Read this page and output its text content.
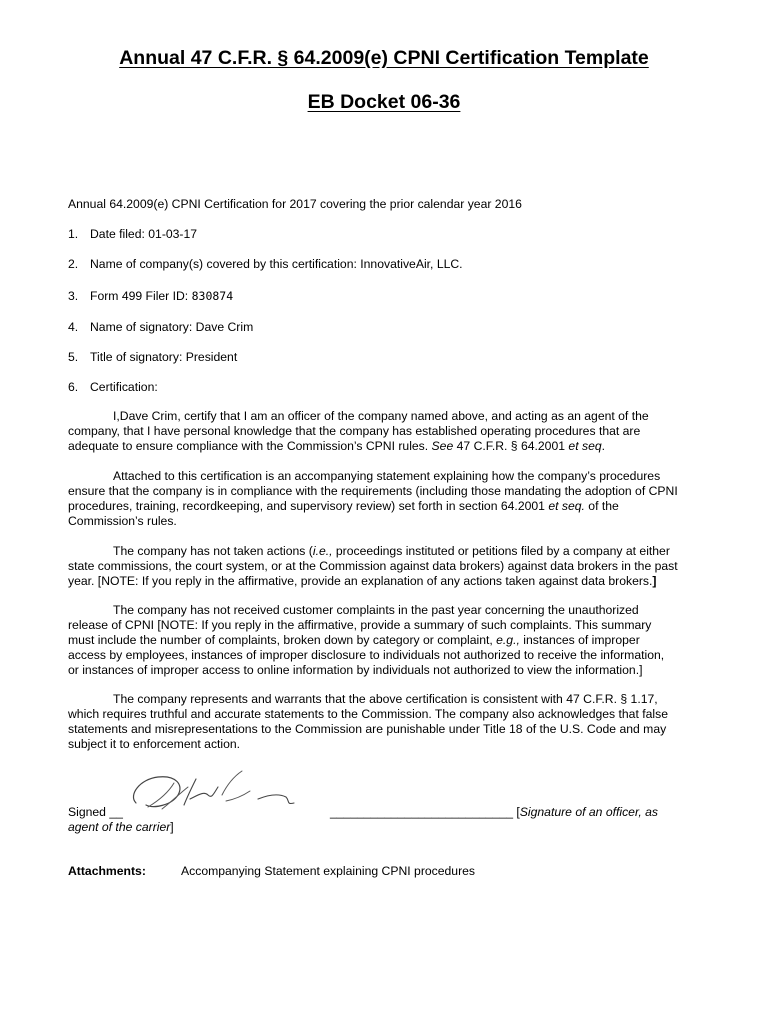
Annual 47 C.F.R. § 64.2009(e) CPNI Certification Template
EB Docket 06-36
Annual 64.2009(e) CPNI Certification for 2017 covering the prior calendar year 2016
1. Date filed: 01-03-17
2. Name of company(s) covered by this certification: InnovativeAir, LLC.
3. Form 499 Filer ID: 830874
4. Name of signatory: Dave Crim
5. Title of signatory: President
6. Certification:
I,Dave Crim, certify that I am an officer of the company named above, and acting as an agent of the
company, that I have personal knowledge that the company has established operating procedures that are
adequate to ensure compliance with the Commission’s CPNI rules. See 47 C.F.R. § 64.2001 et seq.
Attached to this certification is an accompanying statement explaining how the company’s procedures
ensure that the company is in compliance with the requirements (including those mandating the adoption of CPNI
procedures, training, recordkeeping, and supervisory review) set forth in section 64.2001 et seq. of the
Commission’s rules.
The company has not taken actions (i.e., proceedings instituted or petitions filed by a company at either
state commissions, the court system, or at the Commission against data brokers) against data brokers in the past
year. [NOTE: If you reply in the affirmative, provide an explanation of any actions taken against data brokers.]
The company has not received customer complaints in the past year concerning the unauthorized
release of CPNI [NOTE: If you reply in the affirmative, provide a summary of such complaints. This summary
must include the number of complaints, broken down by category or complaint, e.g., instances of improper
access by employees, instances of improper disclosure to individuals not authorized to receive the information,
or instances of improper access to online information by individuals not authorized to view the information.]
The company represents and warrants that the above certification is consistent with 47 C.F.R. § 1.17,
which requires truthful and accurate statements to the Commission. The company also acknowledges that false
statements and misrepresentations to the Commission are punishable under Title 18 of the U.S. Code and may
subject it to enforcement action.
Signed __	___________________________ [Signature of an officer, as
agent of the carrier]
Attachments:	Accompanying Statement explaining CPNI procedures
